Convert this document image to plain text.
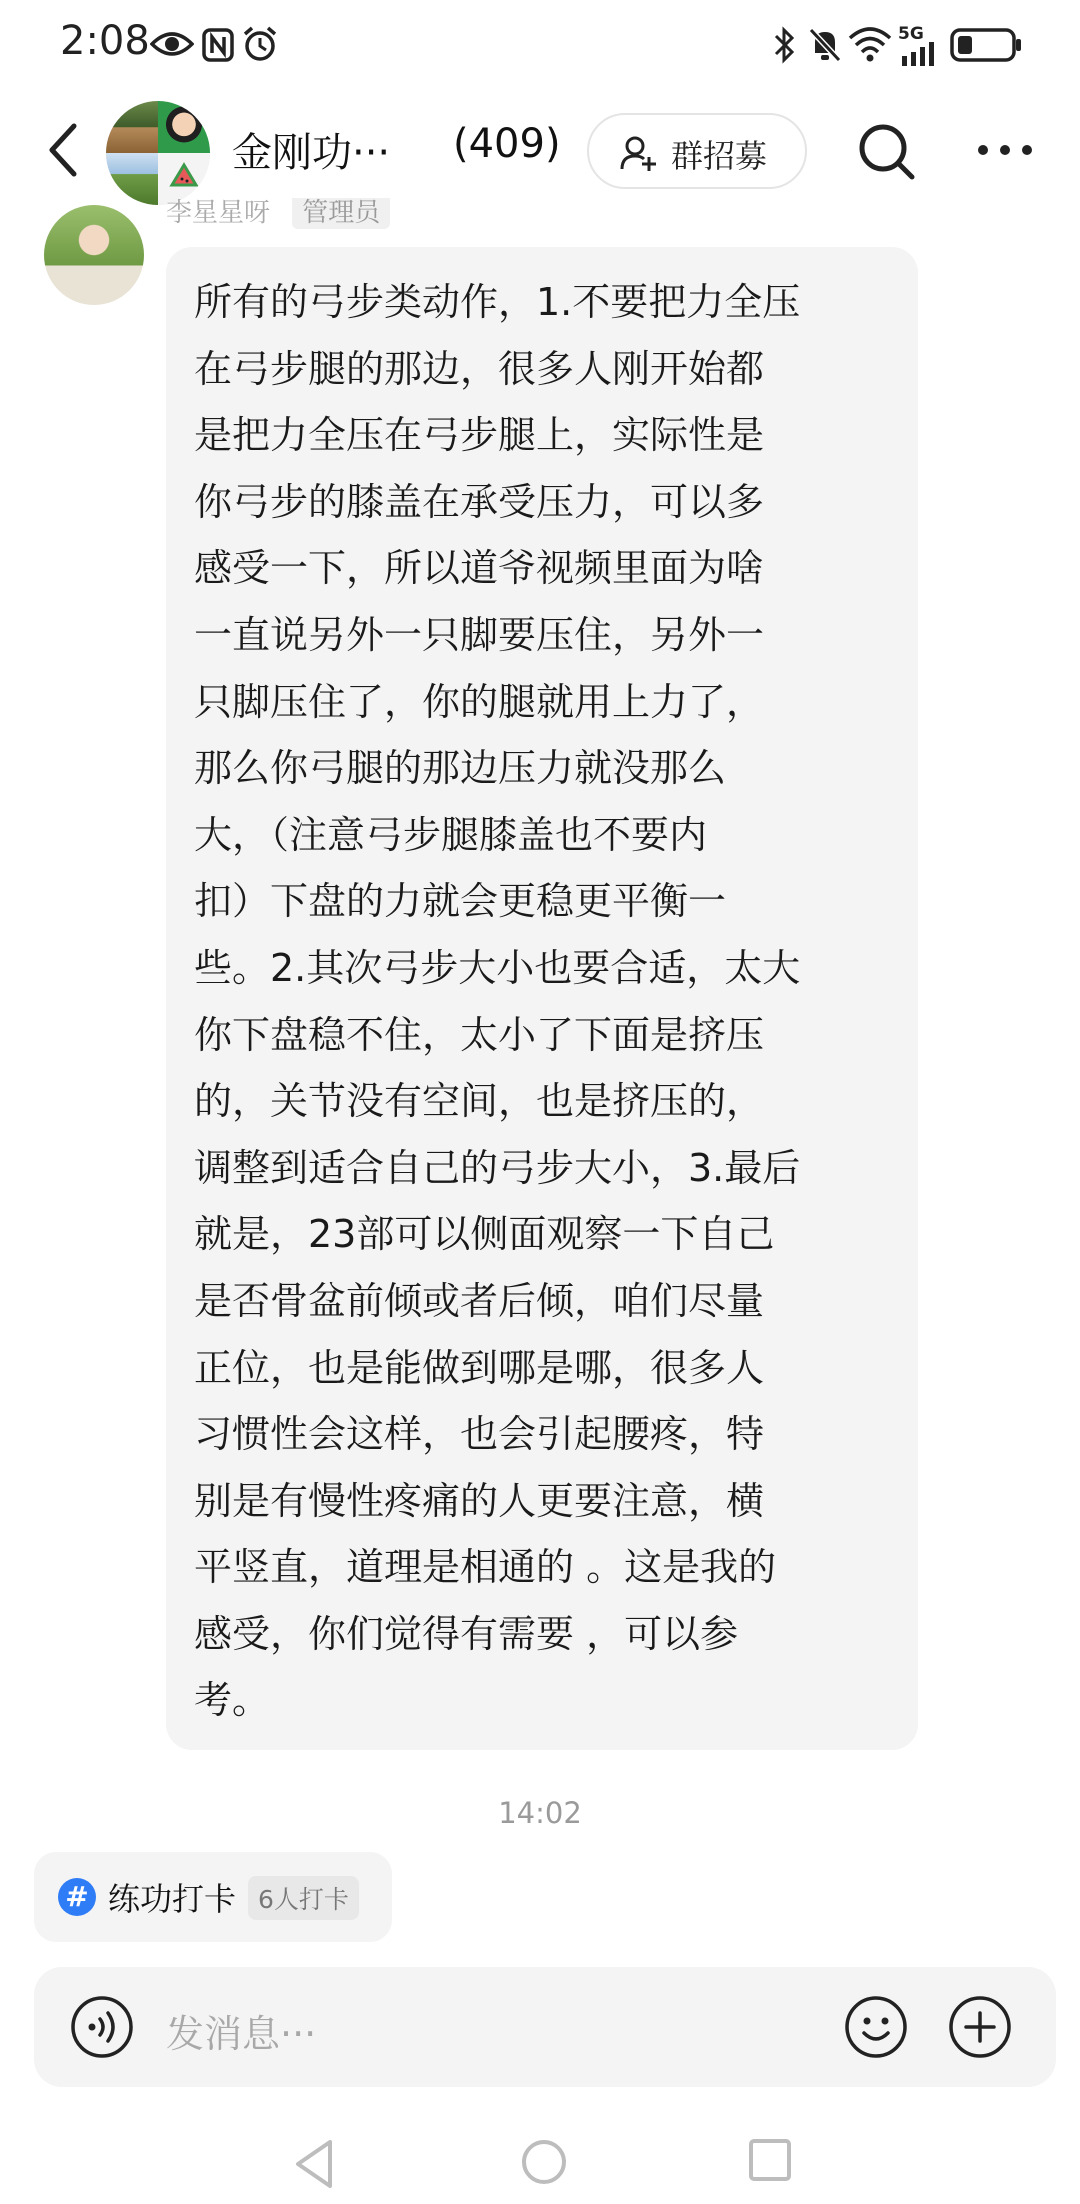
2:08	5G
金刚功··· (409)	群招募
李星星呀 管理员
所有的弓步类动作，1.不要把力全压
在弓步腿的那边，很多人刚开始都
是把力全压在弓步腿上，实际性是
你弓步的膝盖在承受压力，可以多
感受一下，所以道爷视频里面为啥
一直说另外一只脚要压住，另外一
只脚压住了，你的腿就用上力了，
那么你弓腿的那边压力就没那么
大，（注意弓步腿膝盖也不要内
扣）下盘的力就会更稳更平衡一
些。2.其次弓步大小也要合适，太大
你下盘稳不住，太小了下面是挤压
的，关节没有空间，也是挤压的，
调整到适合自己的弓步大小，3.最后
就是，23部可以侧面观察一下自己
是否骨盆前倾或者后倾，咱们尽量
正位，也是能做到哪是哪，很多人
习惯性会这样，也会引起腰疼，特
别是有慢性疼痛的人更要注意，横
平竖直，道理是相通的 。这是我的
感受，你们觉得有需要 ，可以参
考。
14:02
# 练功打卡 6人打卡
发消息···
